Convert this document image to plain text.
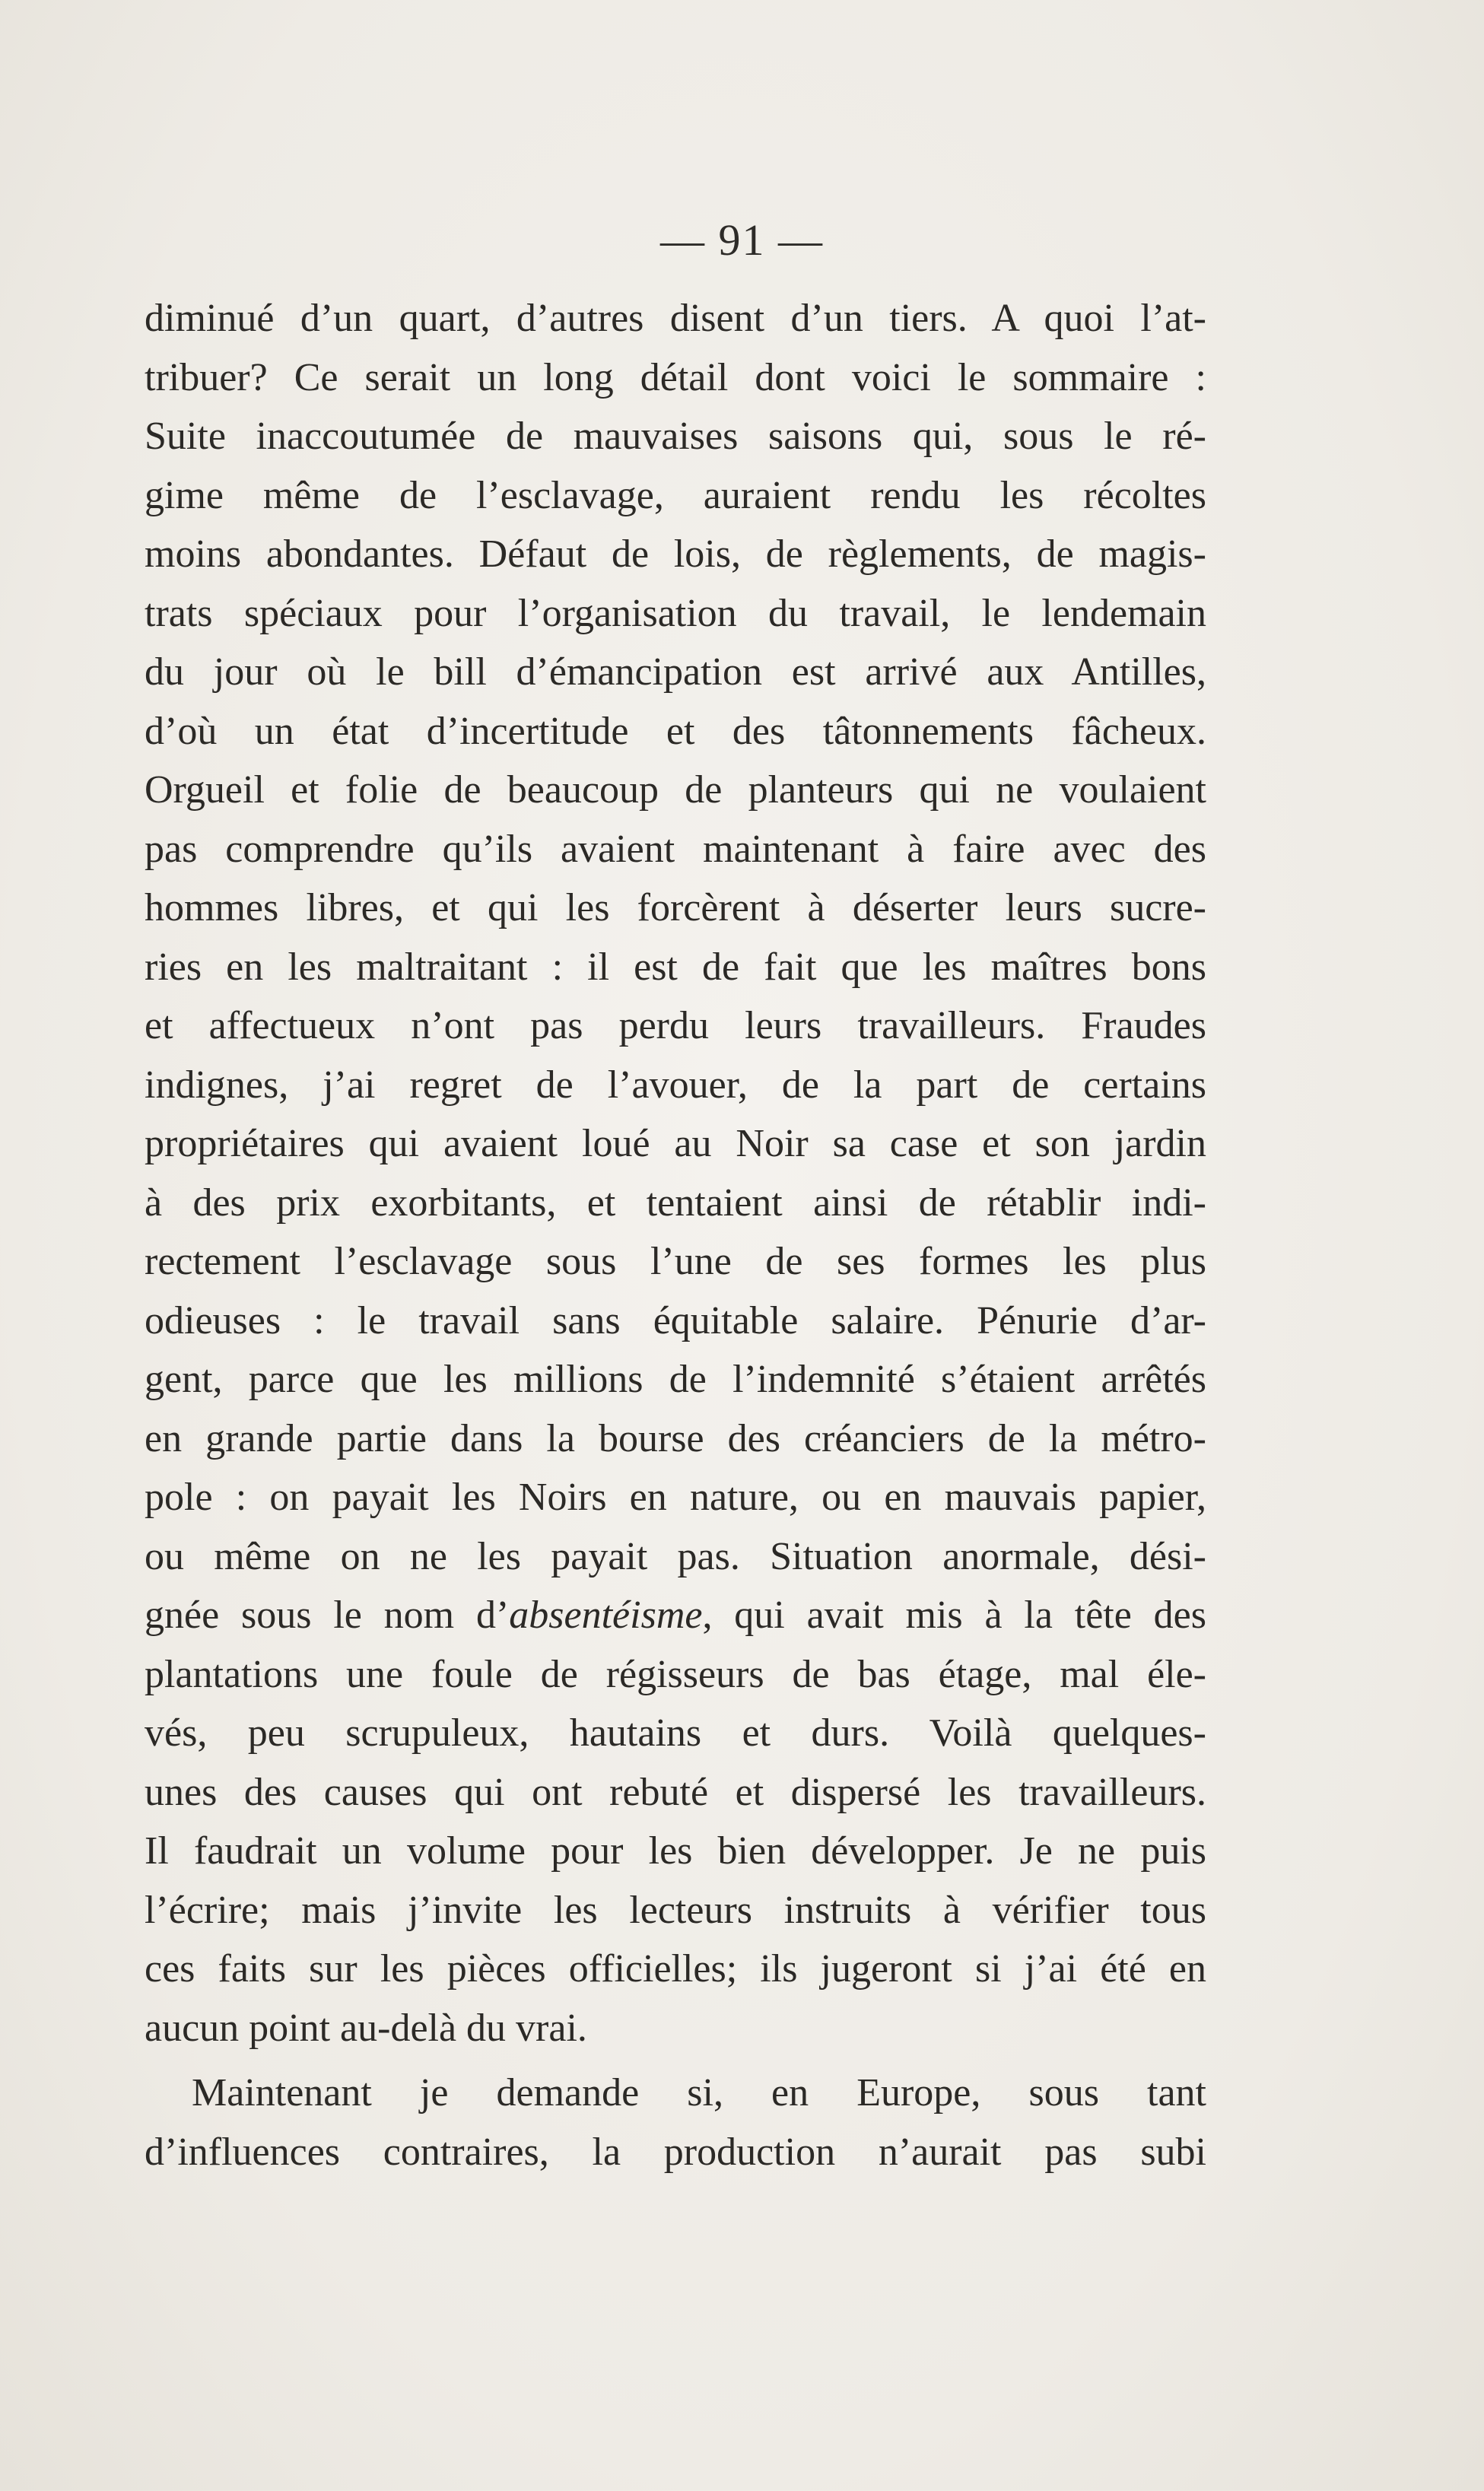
— 91 —
diminué d’un quart, d’autres disent d’un tiers. A quoi l’at-
tribuer? Ce serait un long détail dont voici le sommaire :
Suite inaccoutumée de mauvaises saisons qui, sous le ré-
gime même de l’esclavage, auraient rendu les récoltes
moins abondantes. Défaut de lois, de règlements, de magis-
trats spéciaux pour l’organisation du travail, le lendemain
du jour où le bill d’émancipation est arrivé aux Antilles,
d’où un état d’incertitude et des tâtonnements fâcheux.
Orgueil et folie de beaucoup de planteurs qui ne voulaient
pas comprendre qu’ils avaient maintenant à faire avec des
hommes libres, et qui les forcèrent à déserter leurs sucre-
ries en les maltraitant : il est de fait que les maîtres bons
et affectueux n’ont pas perdu leurs travailleurs. Fraudes
indignes, j’ai regret de l’avouer, de la part de certains
propriétaires qui avaient loué au Noir sa case et son jardin
à des prix exorbitants, et tentaient ainsi de rétablir indi-
rectement l’esclavage sous l’une de ses formes les plus
odieuses : le travail sans équitable salaire. Pénurie d’ar-
gent, parce que les millions de l’indemnité s’étaient arrêtés
en grande partie dans la bourse des créanciers de la métro-
pole : on payait les Noirs en nature, ou en mauvais papier,
ou même on ne les payait pas. Situation anormale, dési-
gnée sous le nom d’absentéisme, qui avait mis à la tête des
plantations une foule de régisseurs de bas étage, mal éle-
vés, peu scrupuleux, hautains et durs. Voilà quelques-
unes des causes qui ont rebuté et dispersé les travailleurs.
Il faudrait un volume pour les bien développer. Je ne puis
l’écrire; mais j’invite les lecteurs instruits à vérifier tous
ces faits sur les pièces officielles; ils jugeront si j’ai été en
aucun point au-delà du vrai.
Maintenant je demande si, en Europe, sous tant
d’influences contraires, la production n’aurait pas subi
